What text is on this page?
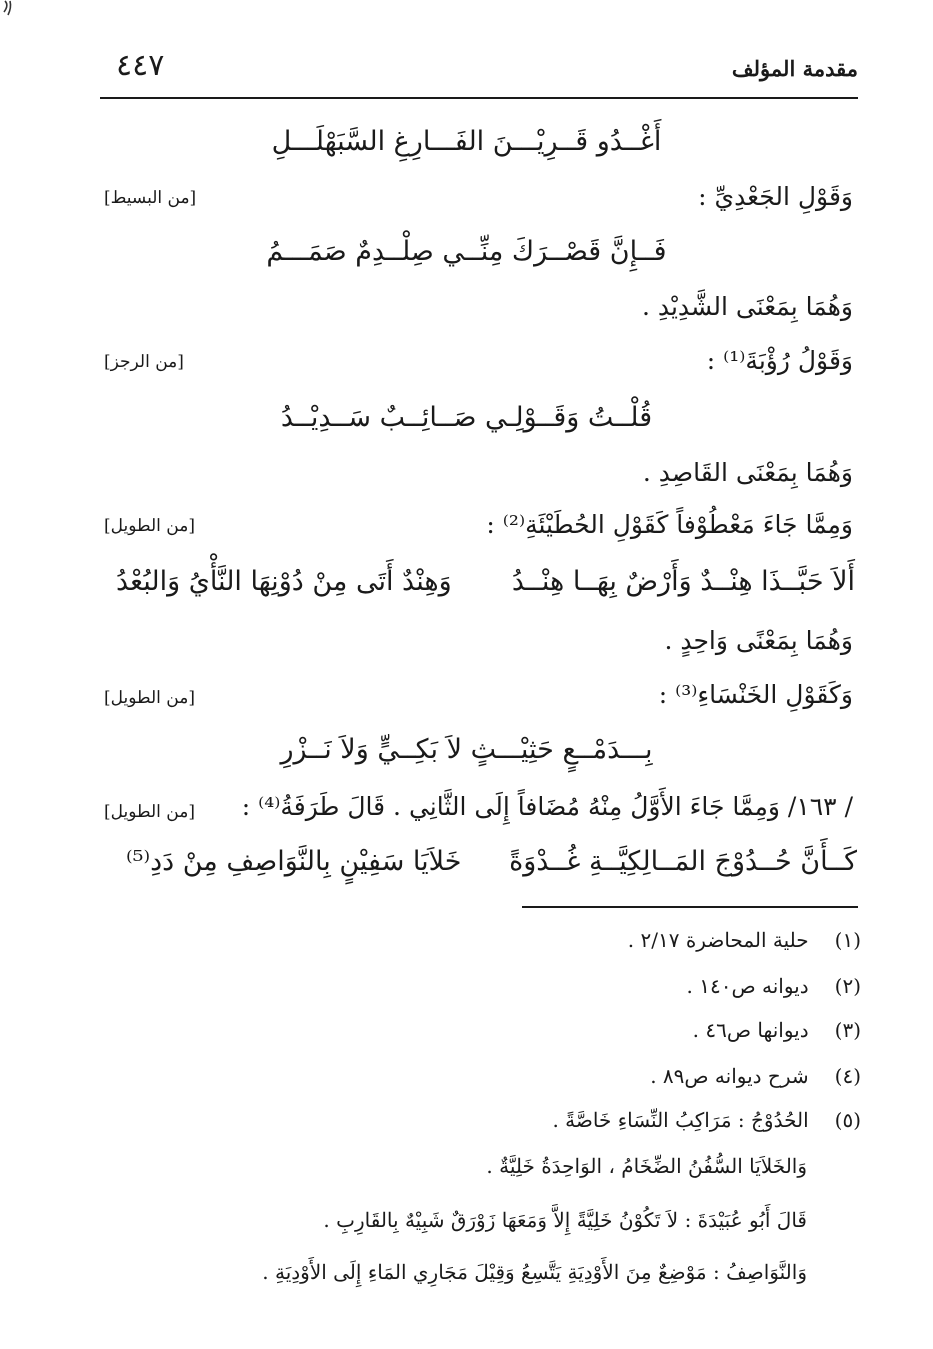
مقدمة المؤلف
٤٤٧
أَغْــدُو قَــرِيْـــنَ الفَـــارِغِ السَّبَهْلَـــلِ
وَقَوْلِ الجَعْدِيِّ :
[من البسيط]
فَــإِنَّ قَصْــرَكَ مِنِّــي صِلْــدِمٌ صَمَـــمُ
وَهُمَا بِمَعْنَى الشَّدِيْدِ .
وَقَوْلُ رُؤْبَةَ⁽¹⁾ :
[من الرجز]
قُلْــتُ وَقَــوْلِـي صَــائِــبٌ سَــدِيْــدُ
وَهُمَا بِمَعْنَى القَاصِدِ .
وَمِمَّا جَاءَ مَعْطُوْفاً كَقَوْلِ الحُطَيْئَةِ⁽²⁾ :
[من الطويل]
أَلاَ حَبَّــذَا هِنْــدٌ وَأَرْضٌ بِهَــا هِنْــدُ
وَهِنْدٌ أَتَى مِنْ دُوْنِهَا النَّأْيُ وَالبُعْدُ
وَهُمَا بِمَعْنًى وَاحِدٍ .
وَكَقَوْلِ الخَنْسَاءِ⁽³⁾ :
[من الطويل]
بِـــدَمْــعٍ حَثِيْـــثٍ لاَ بَكِــيٍّ وَلاَ نَــزْرِ
/ ١٦٣/ وَمِمَّا جَاءَ الأَوَّلُ مِنْهُ مُضَافاً إِلَى الثَّانِي . قَالَ طَرَفَةُ⁽⁴⁾ :
[من الطويل]
كَــأَنَّ حُــدُوْجَ المَــالِكِيَّــةِ غُــدْوَةً
خَلاَيَا سَفِيْنٍ بِالنَّوَاصِفِ مِنْ دَدِ⁽⁵⁾
(١) حلية المحاضرة ٢/١٧ .
(٢) ديوانه ص١٤٠ .
(٣) ديوانها ص٤٦ .
(٤) شرح ديوانه ص٨٩ .
(٥) الحُدُوْجُ : مَرَاكِبُ النِّسَاءِ خَاصَّةً .
وَالخَلاَيَا السُّفُنُ الضِّخَامُ ، الوَاحِدَةُ خَلِيَّةٌ .
قَالَ أَبُو عُبَيْدَةَ : لاَ تَكُوْنُ خَلِيَّةً إِلاَّ وَمَعَهَا زَوْرَقٌ شَبِيْهٌ بِالقَارِبِ .
وَالنَّوَاصِفُ : مَوْضِعٌ مِنَ الأَوْدِيَةِ يَتَّسِعُ وَقِيْلَ مَجَارِي المَاءِ إِلَى الأَوْدِيَةِ .
